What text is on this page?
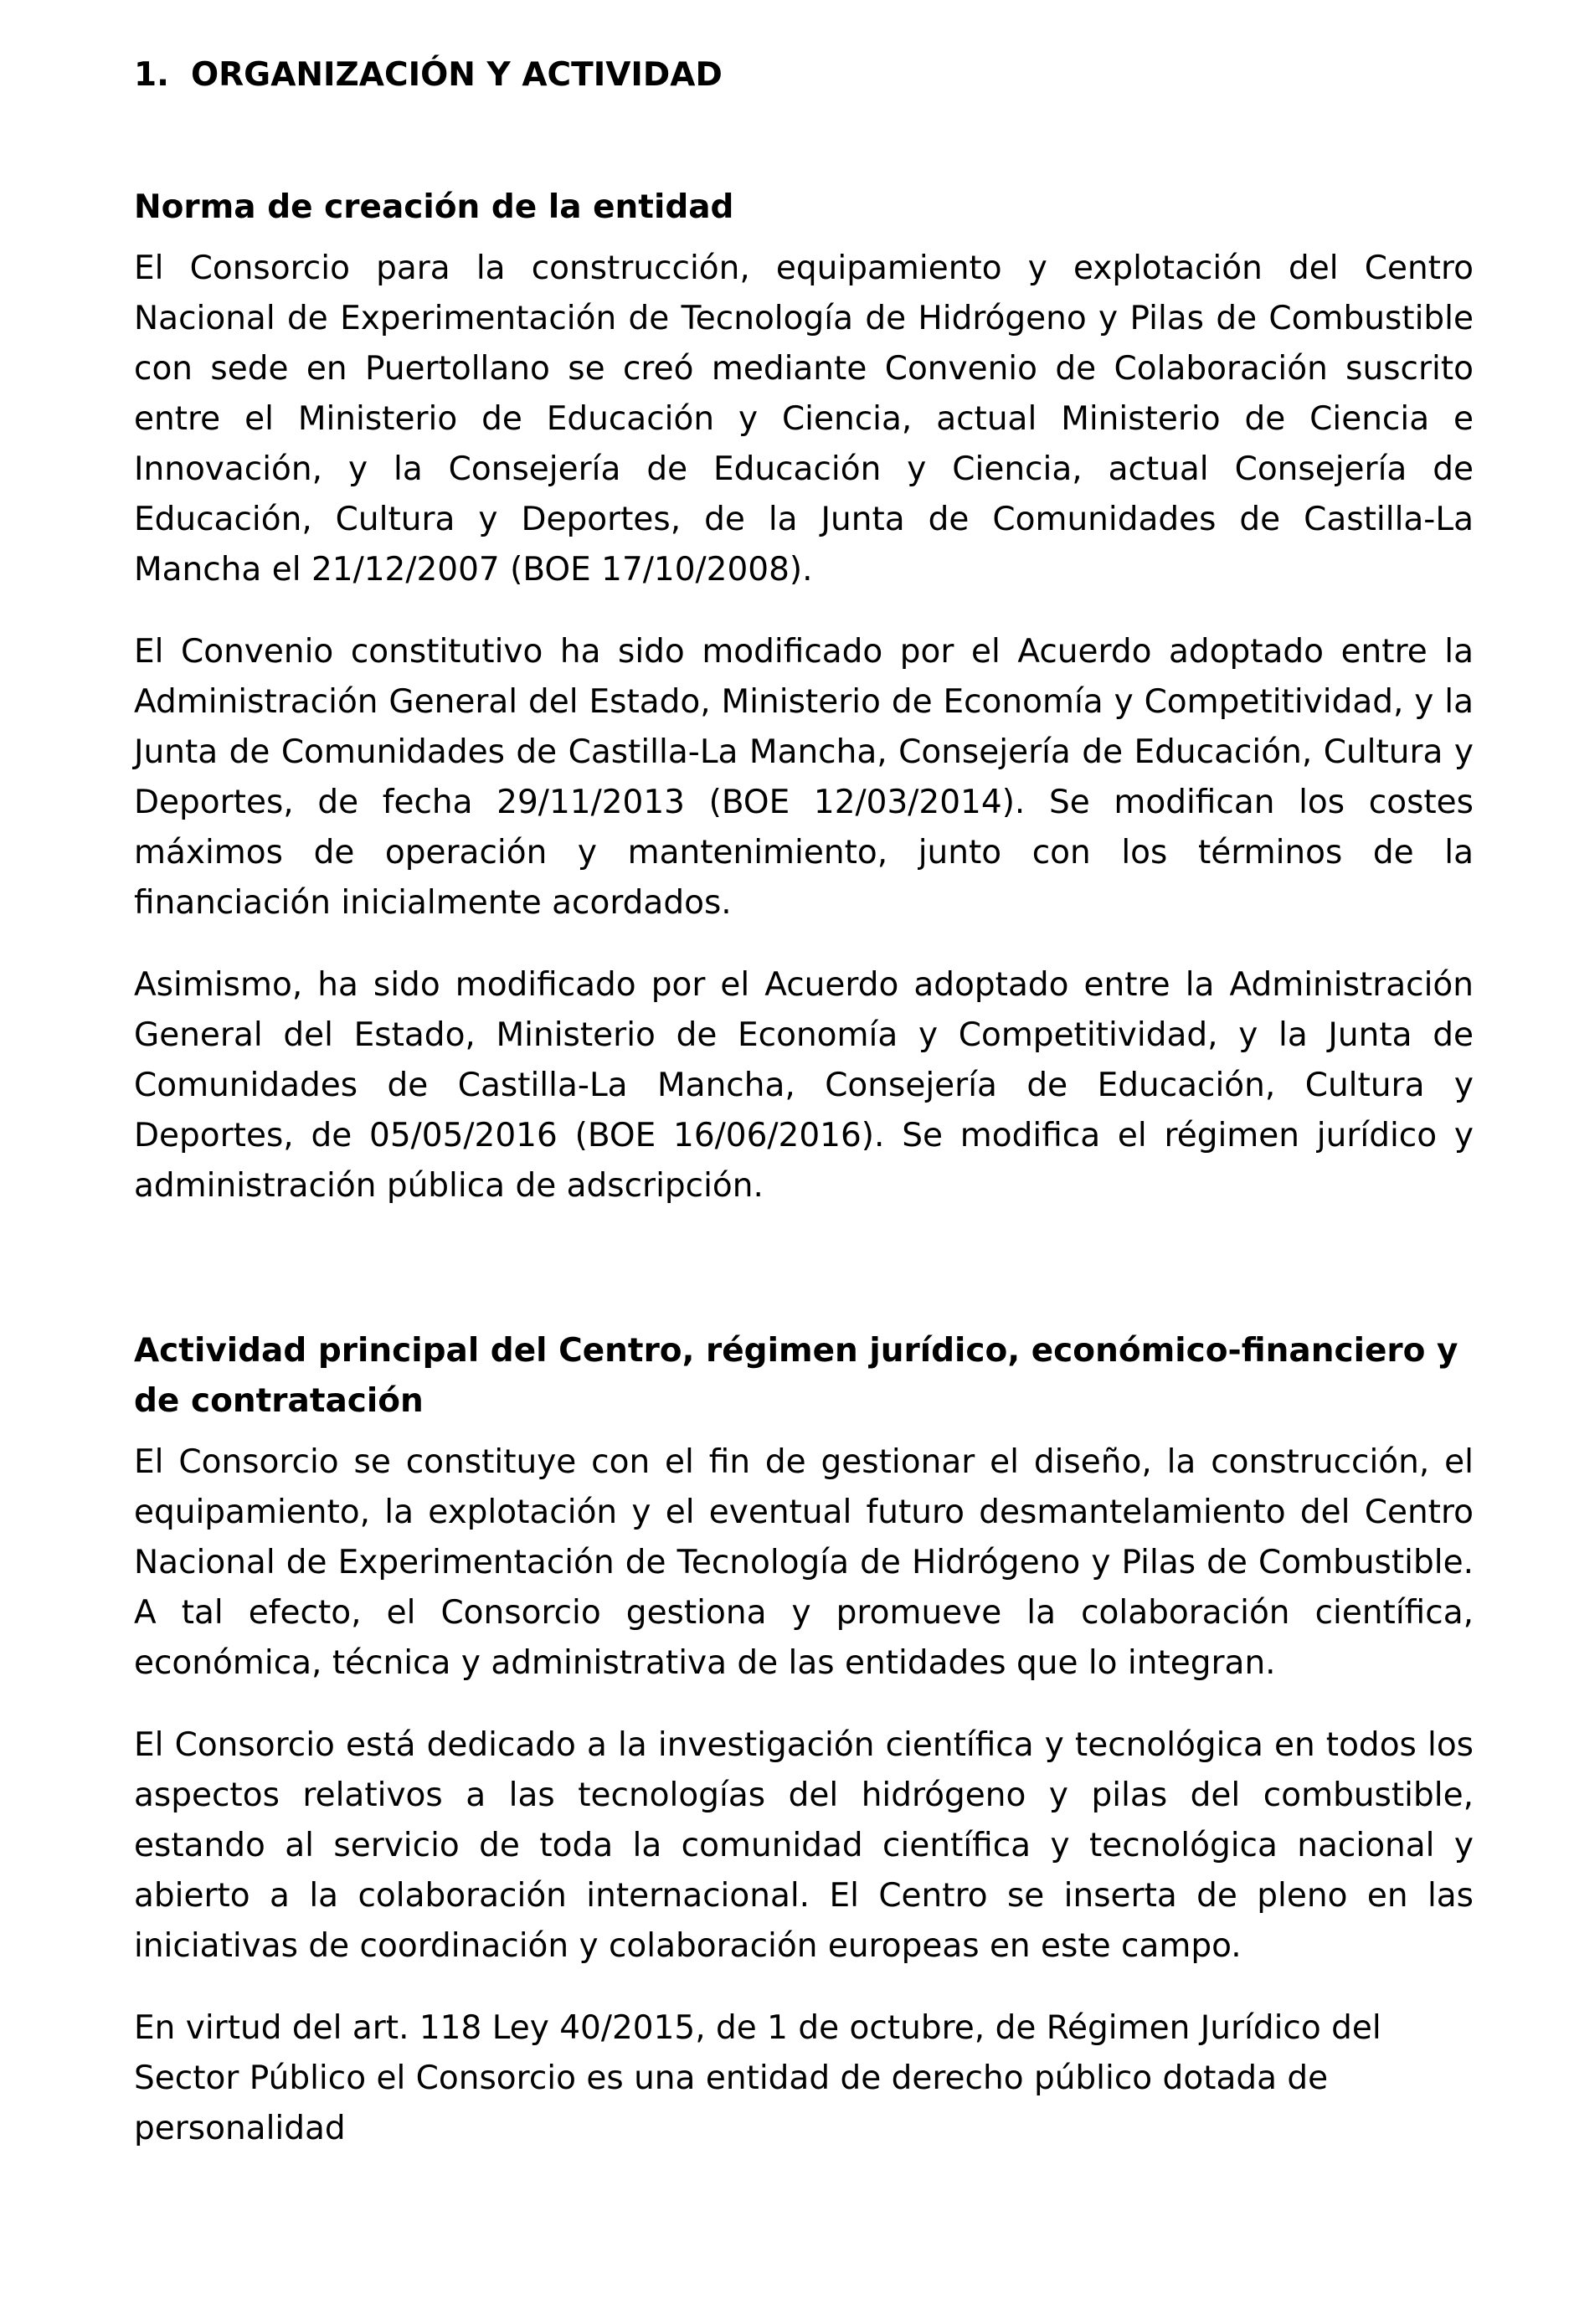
1. ORGANIZACIÓN Y ACTIVIDAD
Norma de creación de la entidad

El Consorcio para la construcción, equipamiento y explotación del Centro Nacional de Experimentación de Tecnología de Hidrógeno y Pilas de Combustible con sede en Puertollano se creó mediante Convenio de Colaboración suscrito entre el Ministerio de Educación y Ciencia, actual Ministerio de Ciencia e Innovación, y la Consejería de Educación y Ciencia, actual Consejería de Educación, Cultura y Deportes, de la Junta de Comunidades de Castilla-La Mancha el 21/12/2007 (BOE 17/10/2008).

El Convenio constitutivo ha sido modificado por el Acuerdo adoptado entre la Administración General del Estado, Ministerio de Economía y Competitividad, y la Junta de Comunidades de Castilla-La Mancha, Consejería de Educación, Cultura y Deportes, de fecha 29/11/2013 (BOE 12/03/2014). Se modifican los costes máximos de operación y mantenimiento, junto con los términos de la financiación inicialmente acordados.

Asimismo, ha sido modificado por el Acuerdo adoptado entre la Administración General del Estado, Ministerio de Economía y Competitividad, y la Junta de Comunidades de Castilla-La Mancha, Consejería de Educación, Cultura y Deportes, de 05/05/2016 (BOE 16/06/2016). Se modifica el régimen jurídico y administración pública de adscripción.

Actividad principal del Centro, régimen jurídico, económico-financiero y de contratación

El Consorcio se constituye con el fin de gestionar el diseño, la construcción, el equipamiento, la explotación y el eventual futuro desmantelamiento del Centro Nacional de Experimentación de Tecnología de Hidrógeno y Pilas de Combustible. A tal efecto, el Consorcio gestiona y promueve la colaboración científica, económica, técnica y administrativa de las entidades que lo integran.

El Consorcio está dedicado a la investigación científica y tecnológica en todos los aspectos relativos a las tecnologías del hidrógeno y pilas del combustible, estando al servicio de toda la comunidad científica y tecnológica nacional y abierto a la colaboración internacional. El Centro se inserta de pleno en las iniciativas de coordinación y colaboración europeas en este campo.

En virtud del art. 118 Ley 40/2015, de 1 de octubre, de Régimen Jurídico del Sector Público el Consorcio es una entidad de derecho público dotada de personalidad
